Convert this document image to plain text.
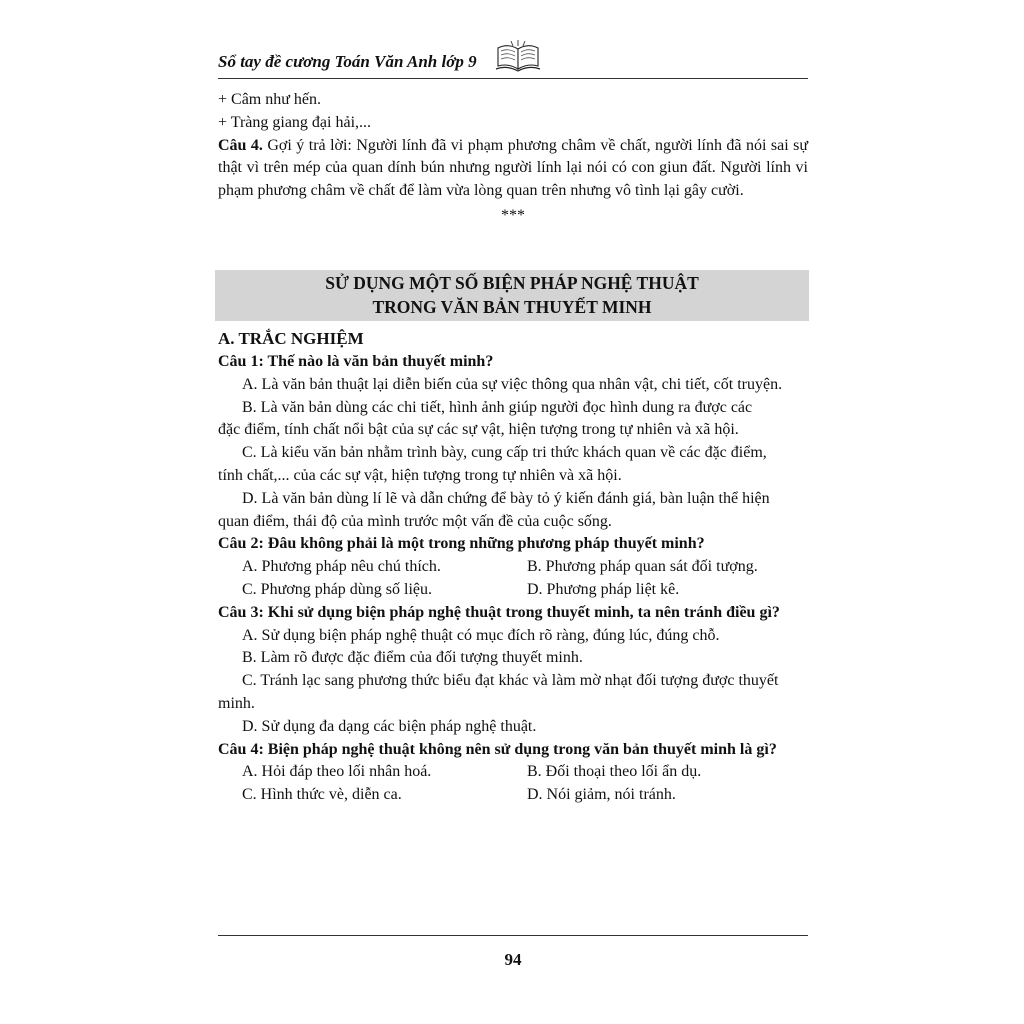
Sổ tay đề cương Toán Văn Anh lớp 9

+ Câm như hến.

+ Tràng giang đại hải,...

Câu 4. Gợi ý trả lời: Người lính đã vi phạm phương châm về chất, người lính đã nói sai sự thật vì trên mép của quan dính bún nhưng người lính lại nói có con giun đất. Người lính vi phạm phương châm về chất để làm vừa lòng quan trên nhưng vô tình lại gây cười.

***

SỬ DỤNG MỘT SỐ BIỆN PHÁP NGHỆ THUẬT
TRONG VĂN BẢN THUYẾT MINH

A. TRẮC NGHIỆM

Câu 1: Thế nào là văn bản thuyết minh?

A. Là văn bản thuật lại diễn biến của sự việc thông qua nhân vật, chi tiết, cốt truyện.

B. Là văn bản dùng các chi tiết, hình ảnh giúp người đọc hình dung ra được các

đặc điểm, tính chất nổi bật của sự các sự vật, hiện tượng trong tự nhiên và xã hội.

C. Là kiểu văn bản nhằm trình bày, cung cấp tri thức khách quan về các đặc điểm,

tính chất,... của các sự vật, hiện tượng trong tự nhiên và xã hội.

D. Là văn bản dùng lí lẽ và dẫn chứng để bày tỏ ý kiến đánh giá, bàn luận thể hiện

quan điểm, thái độ của mình trước một vấn đề của cuộc sống.

Câu 2: Đâu không phải là một trong những phương pháp thuyết minh?

A. Phương pháp nêu chú thích.	B. Phương pháp quan sát đối tượng.
C. Phương pháp dùng số liệu.	D. Phương pháp liệt kê.

Câu 3: Khi sử dụng biện pháp nghệ thuật trong thuyết minh, ta nên tránh điều gì?

A. Sử dụng biện pháp nghệ thuật có mục đích rõ ràng, đúng lúc, đúng chỗ.

B. Làm rõ được đặc điểm của đối tượng thuyết minh.

C. Tránh lạc sang phương thức biểu đạt khác và làm mờ nhạt đối tượng được thuyết

minh.

D. Sử dụng đa dạng các biện pháp nghệ thuật.

Câu 4: Biện pháp nghệ thuật không nên sử dụng trong văn bản thuyết minh là gì?

A. Hỏi đáp theo lối nhân hoá.	B. Đối thoại theo lối ẩn dụ.
C. Hình thức vè, diễn ca.	D. Nói giảm, nói tránh.
94
